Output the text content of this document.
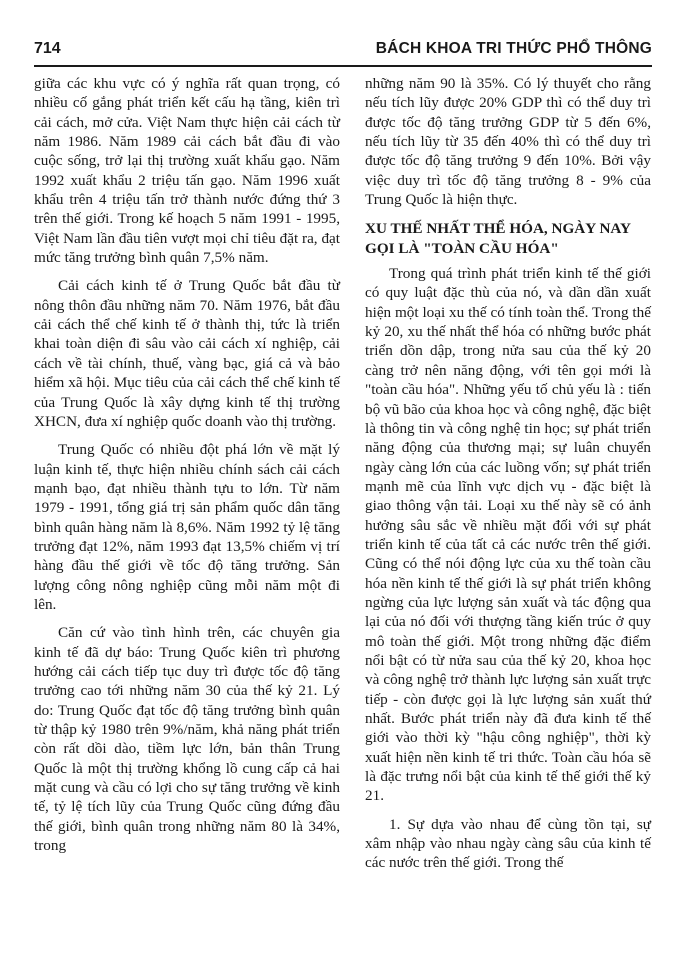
714	BÁCH KHOA TRI THỨC PHỔ THÔNG

giữa các khu vực có ý nghĩa rất quan trọng, có nhiều cố gắng phát triển kết cấu hạ tầng, kiên trì cải cách, mở cửa. Việt Nam thực hiện cải cách từ năm 1986. Năm 1989 cải cách bắt đầu đi vào cuộc sống, trở lại thị trường xuất khẩu gạo. Năm 1992 xuất khẩu 2 triệu tấn gạo. Năm 1996 xuất khẩu trên 4 triệu tấn trở thành nước đứng thứ 3 trên thế giới. Trong kế hoạch 5 năm 1991 - 1995, Việt Nam lần đầu tiên vượt mọi chỉ tiêu đặt ra, đạt mức tăng trưởng bình quân 7,5% năm.

Cải cách kinh tế ở Trung Quốc bắt đầu từ nông thôn đầu những năm 70. Năm 1976, bắt đầu cải cách thể chế kinh tế ở thành thị, tức là triển khai toàn diện đi sâu vào cải cách xí nghiệp, cải cách về tài chính, thuế, vàng bạc, giá cả và bảo hiểm xã hội. Mục tiêu của cải cách thể chế kinh tế của Trung Quốc là xây dựng kinh tế thị trường XHCN, đưa xí nghiệp quốc doanh vào thị trường.

Trung Quốc có nhiều đột phá lớn về mặt lý luận kinh tế, thực hiện nhiều chính sách cải cách mạnh bạo, đạt nhiều thành tựu to lớn. Từ năm 1979 - 1991, tổng giá trị sản phẩm quốc dân tăng bình quân hàng năm là 8,6%. Năm 1992 tỷ lệ tăng trưởng đạt 12%, năm 1993 đạt 13,5% chiếm vị trí hàng đầu thế giới về tốc độ tăng trưởng. Sản lượng công nông nghiệp cũng mỗi năm một đi lên.

Căn cứ vào tình hình trên, các chuyên gia kinh tế đã dự báo: Trung Quốc kiên trì phương hướng cải cách tiếp tục duy trì được tốc độ tăng trưởng cao tới những năm 30 của thế kỷ 21. Lý do: Trung Quốc đạt tốc độ tăng trưởng bình quân từ thập kỷ 1980 trên 9%/năm, khả năng phát triển còn rất dồi dào, tiềm lực lớn, bản thân Trung Quốc là một thị trường khổng lồ cung cấp cả hai mặt cung và cầu có lợi cho sự tăng trưởng về kinh tế, tỷ lệ tích lũy của Trung Quốc cũng đứng đầu thế giới, bình quân trong những năm 80 là 34%, trong

những năm 90 là 35%. Có lý thuyết cho rằng nếu tích lũy được 20% GDP thì có thể duy trì được tốc độ tăng trưởng GDP từ 5 đến 6%, nếu tích lũy từ 35 đến 40% thì có thể duy trì được tốc độ tăng trưởng 9 đến 10%. Bởi vậy việc duy trì tốc độ tăng trưởng 8 - 9% của Trung Quốc là hiện thực.

XU THẾ NHẤT THỂ HÓA, NGÀY NAY GỌI LÀ "TOÀN CẦU HÓA"

Trong quá trình phát triển kinh tế thế giới có quy luật đặc thù của nó, và dần dần xuất hiện một loại xu thế có tính toàn thể. Trong thế kỷ 20, xu thế nhất thể hóa có những bước phát triển dồn dập, trong nửa sau của thế kỷ 20 càng trở nên năng động, với tên gọi mới là "toàn cầu hóa". Những yếu tố chủ yếu là : tiến bộ vũ bão của khoa học và công nghệ, đặc biệt là thông tin và công nghệ tin học; sự phát triển năng động của thương mại; sự luân chuyển ngày càng lớn của các luồng vốn; sự phát triển mạnh mẽ của lĩnh vực dịch vụ - đặc biệt là giao thông vận tải. Loại xu thế này sẽ có ảnh hưởng sâu sắc về nhiều mặt đối với sự phát triển kinh tế của tất cả các nước trên thế giới. Cũng có thể nói động lực của xu thế toàn cầu hóa nền kinh tế thế giới là sự phát triển không ngừng của lực lượng sản xuất và tác động qua lại của nó đối với thượng tầng kiến trúc ở quy mô toàn thế giới. Một trong những đặc điểm nổi bật có từ nửa sau của thế kỷ 20, khoa học và công nghệ trở thành lực lượng sản xuất trực tiếp - còn được gọi là lực lượng sản xuất thứ nhất. Bước phát triển này đã đưa kinh tế thế giới vào thời kỳ "hậu công nghiệp", thời kỳ xuất hiện nền kinh tế tri thức. Toàn cầu hóa sẽ là đặc trưng nổi bật của kinh tế thế giới thế kỷ 21.

1. Sự dựa vào nhau để cùng tồn tại, sự xâm nhập vào nhau ngày càng sâu của kinh tế các nước trên thế giới. Trong thế
